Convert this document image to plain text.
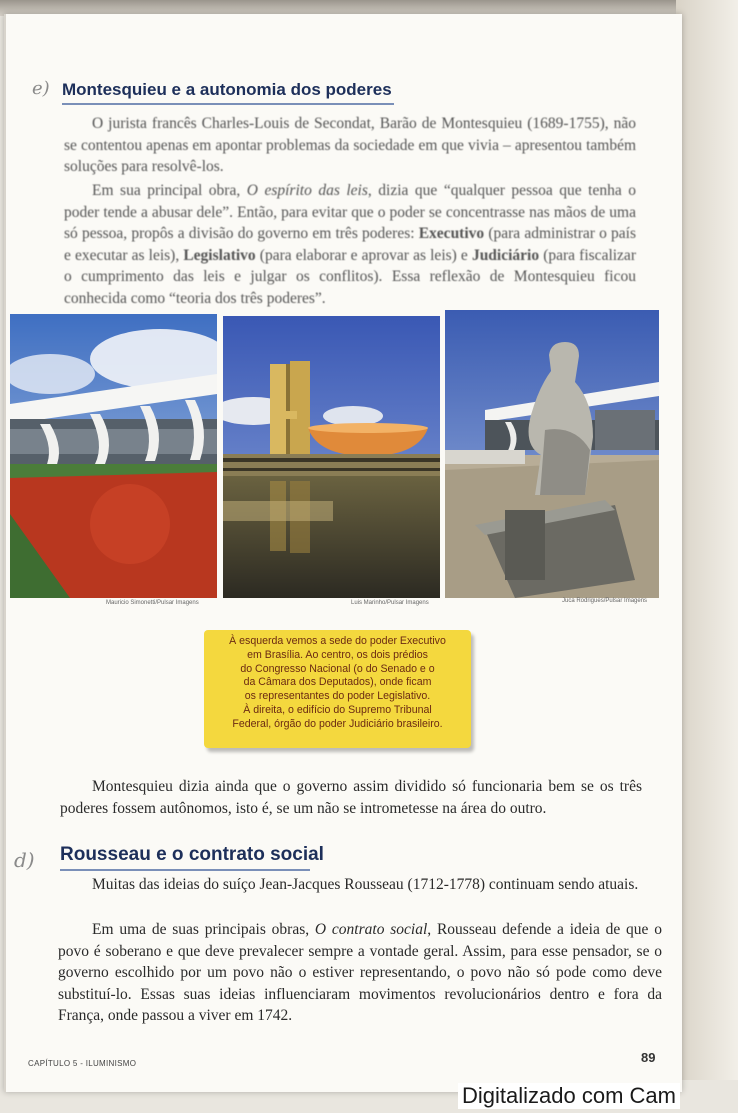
e) Montesquieu e a autonomia dos poderes

O jurista francês Charles-Louis de Secondat, Barão de Montesquieu (1689-1755), não se contentou apenas em apontar problemas da sociedade em que vivia – apresentou também soluções para resolvê-los.

Em sua principal obra, O espírito das leis, dizia que “qualquer pessoa que tenha o poder tende a abusar dele”. Então, para evitar que o poder se concentrasse nas mãos de uma só pessoa, propôs a divisão do governo em três poderes: Executivo (para administrar o país e executar as leis), Legislativo (para elaborar e aprovar as leis) e Judiciário (para fiscalizar o cumprimento das leis e julgar os conflitos). Essa reflexão de Montesquieu ficou conhecida como “teoria dos três poderes”.

Mauricio Simonetti/Pulsar Imagens	Luis Marinho/Pulsar Imagens	Juca Rodrigues/Pulsar Imagens
À esquerda vemos a sede do poder Executivo
em Brasília. Ao centro, os dois prédios
do Congresso Nacional (o do Senado e o
da Câmara dos Deputados), onde ficam
os representantes do poder Legislativo.
À direita, o edifício do Supremo Tribunal
Federal, órgão do poder Judiciário brasileiro.

Montesquieu dizia ainda que o governo assim dividido só funcionaria bem se os três poderes fossem autônomos, isto é, se um não se intrometesse na área do outro.

d) Rousseau e o contrato social

Muitas das ideias do suíço Jean-Jacques Rousseau (1712-1778) continuam sendo atuais.

Em uma de suas principais obras, O contrato social, Rousseau defende a ideia de que o povo é soberano e que deve prevalecer sempre a vontade geral. Assim, para esse pensador, se o governo escolhido por um povo não o estiver representando, o povo não só pode como deve substituí-lo. Essas suas ideias influenciaram movimentos revolucionários dentro e fora da França, onde passou a viver em 1742.

CAPÍTULO 5 - ILUMINISMO	89
Digitalizado com Cam
